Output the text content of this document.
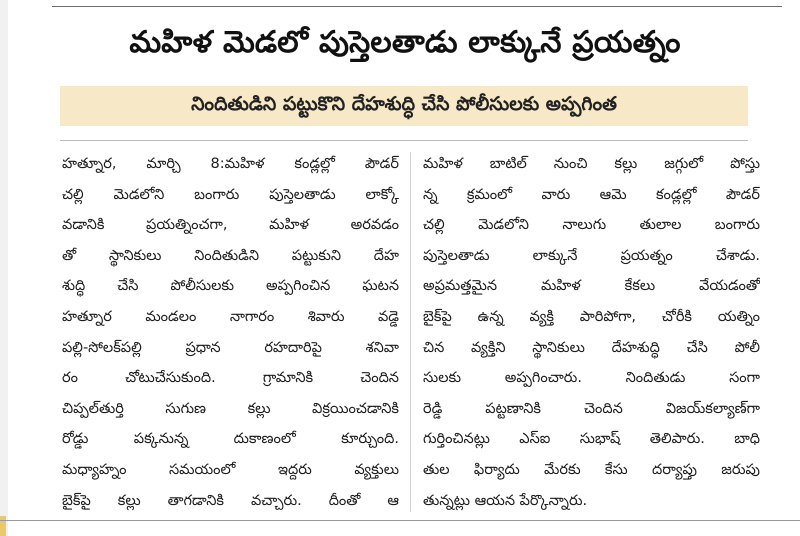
మహిళ మెడలో పుస్తెలతాడు లాక్కునే ప్రయత్నం
నిందితుడిని పట్టుకొని దేహశుద్ధి చేసి పోలీసులకు అప్పగింత
హత్నూర, మార్చి 8:మహిళ కండ్లల్లో పౌడర్
చల్లి మెడలోని బంగారు పుస్తెలతాడు లాక్కో
వడానికి ప్రయత్నించగా, మహిళ అరవడం
తో స్థానికులు నిందితుడిని పట్టుకుని దేహ
శుద్ధి చేసి పోలీసులకు అప్పగించిన ఘటన
హత్నూర మండలం నాగారం శివారు వడ్డె
పల్లి-సోలక్‌పల్లి ప్రధాన రహదారిపై శనివా
రం చోటుచేసుకుంది. గ్రామానికి చెందిన
చిప్పల్‌తుర్తి సుగుణ కల్లు విక్రయించడానికి
రోడ్డు పక్కనున్న దుకాణంలో కూర్చుంది.
మధ్యాహ్నం సమయంలో ఇద్దరు వ్యక్తులు
బైక్‌పై కల్లు తాగడానికి వచ్చారు. దీంతో ఆ
మహిళ బాటిల్ నుంచి కల్లు జగ్గులో పోస్తు
న్న క్రమంలో వారు ఆమె కండ్లల్లో పౌడర్
చల్లి మెడలోని నాలుగు తులాల బంగారు
పుస్తెలతాడు లాక్కునే ప్రయత్నం చేశాడు.
అప్రమత్తమైన మహిళ కేకలు వేయడంతో
బైక్‌పై ఉన్న వ్యక్తి పారిపోగా, చోరీకి యత్నిం
చిన వ్యక్తిని స్థానికులు దేహశుద్ధి చేసి పోలీ
సులకు అప్పగించారు. నిందితుడు సంగా
రెడ్డి పట్టణానికి చెందిన విజయ్‌కల్యాణ్‌గా
గుర్తించినట్లు ఎస్‌ఐ సుభాష్ తెలిపారు. బాధి
తుల ఫిర్యాదు మేరకు కేసు దర్యాప్తు జరుపు
తున్నట్లు ఆయన పేర్కొన్నారు.
